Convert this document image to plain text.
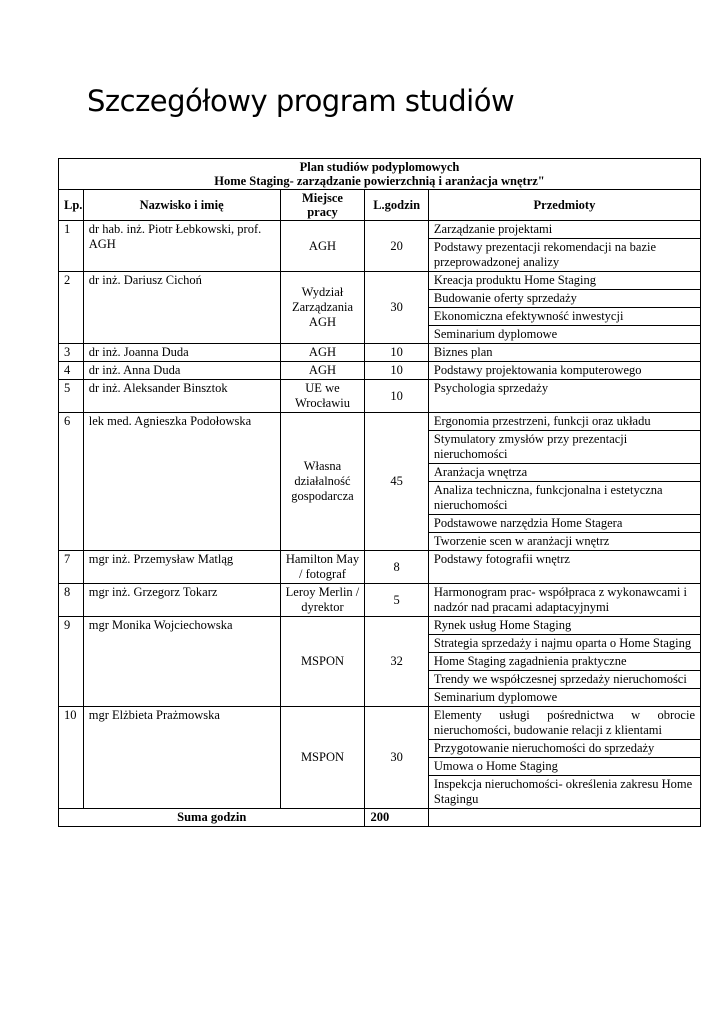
Szczegółowy program studiów
Plan studiów podyplomowych
Home Staging- zarządzanie powierzchnią i aranżacja wnętrz"				

Lp.	Nazwisko i imię	Miejsce pracy	L.godzin	Przedmioty
1	dr hab. inż. Piotr Łebkowski, prof. AGH	AGH	20	Zarządzanie projektami
				Podstawy prezentacji rekomendacji na bazie przeprowadzonej analizy
2	dr inż. Dariusz Cichoń	Wydział Zarządzania AGH	30	Kreacja produktu Home Staging
				Budowanie oferty sprzedaży
				Ekonomiczna efektywność inwestycji
				Seminarium dyplomowe
3	dr inż. Joanna Duda	AGH	10	Biznes plan
4	dr inż. Anna Duda	AGH	10	Podstawy projektowania komputerowego
5	dr inż. Aleksander Binsztok	UE we Wrocławiu	10	Psychologia sprzedaży
6	lek med. Agnieszka Podołowska	Własna działalność gospodarcza	45	Ergonomia przestrzeni, funkcji oraz układu
				Stymulatory zmysłów przy prezentacji nieruchomości
				Aranżacja wnętrza
				Analiza techniczna, funkcjonalna i estetyczna nieruchomości
				Podstawowe narzędzia Home Stagera
				Tworzenie scen w aranżacji wnętrz
7	mgr inż. Przemysław Matląg	Hamilton May / fotograf	8	Podstawy fotografii wnętrz
8	mgr inż. Grzegorz Tokarz	Leroy Merlin / dyrektor	5	Harmonogram prac- współpraca z wykonawcami i nadzór nad pracami adaptacyjnymi
9	mgr Monika Wojciechowska	MSPON	32	Rynek usług Home Staging
				Strategia sprzedaży i najmu oparta o Home Staging
				Home Staging zagadnienia praktyczne
				Trendy we współczesnej sprzedaży nieruchomości
				Seminarium dyplomowe
10	mgr Elżbieta Prażmowska	MSPON	30	Elementy usługi pośrednictwa w obrocie nieruchomości, budowanie relacji z klientami
				Przygotowanie nieruchomości do sprzedaży
				Umowa o Home Staging
				Inspekcja nieruchomości- określenia zakresu Home Stagingu
Suma godzin			200	
